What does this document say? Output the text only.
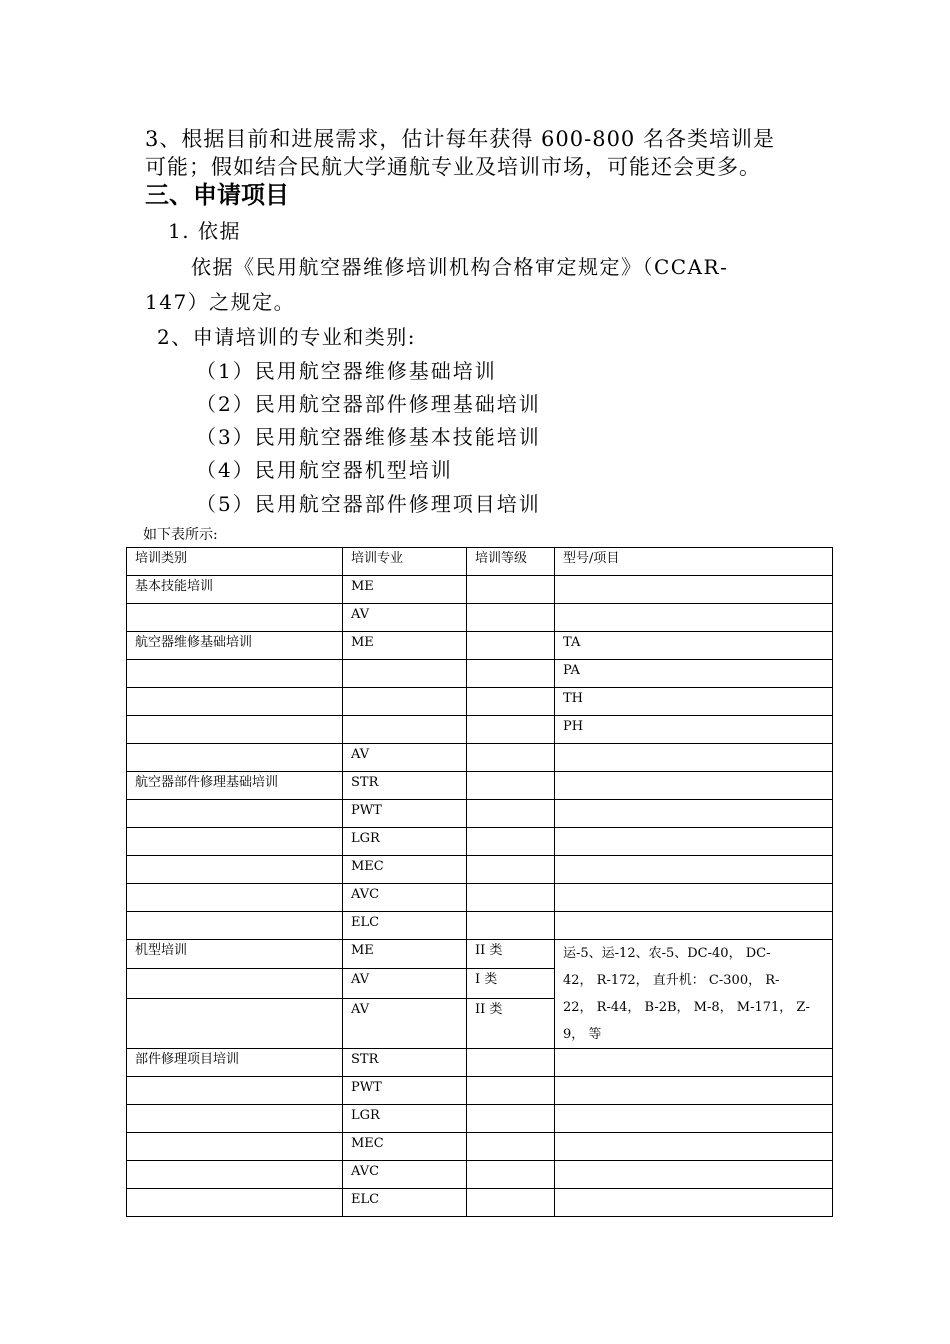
3、根据目前和进展需求，估计每年获得 600-800 名各类培训是
可能；假如结合民航大学通航专业及培训市场，可能还会更多。
三、申请项目
1. 依据
依据《民用航空器维修培训机构合格审定规定》（CCAR-
147）之规定。
2、申请培训的专业和类别:
（1）民用航空器维修基础培训
（2）民用航空器部件修理基础培训
（3）民用航空器维修基本技能培训
（4）民用航空器机型培训
（5）民用航空器部件修理项目培训
如下表所示:
培训类别	培训专业	培训等级	型号/项目
基本技能培训	ME		
	AV		
航空器维修基础培训	ME		TA
			PA
			TH
			PH
	AV		
航空器部件修理基础培训	STR		
	PWT		
	LGR		
	MEC		
	AVC		
	ELC		
机型培训	ME	II 类	运-5、运-12、农-5、DC-40， DC-
42， R-172， 直升机： C-300， R-
22， R-44， B-2B， M-8， M-171， Z-
9， 等

	AV	I 类	
	AV	II 类	
部件修理项目培训	STR		
	PWT		
	LGR		
	MEC		
	AVC		
	ELC		
